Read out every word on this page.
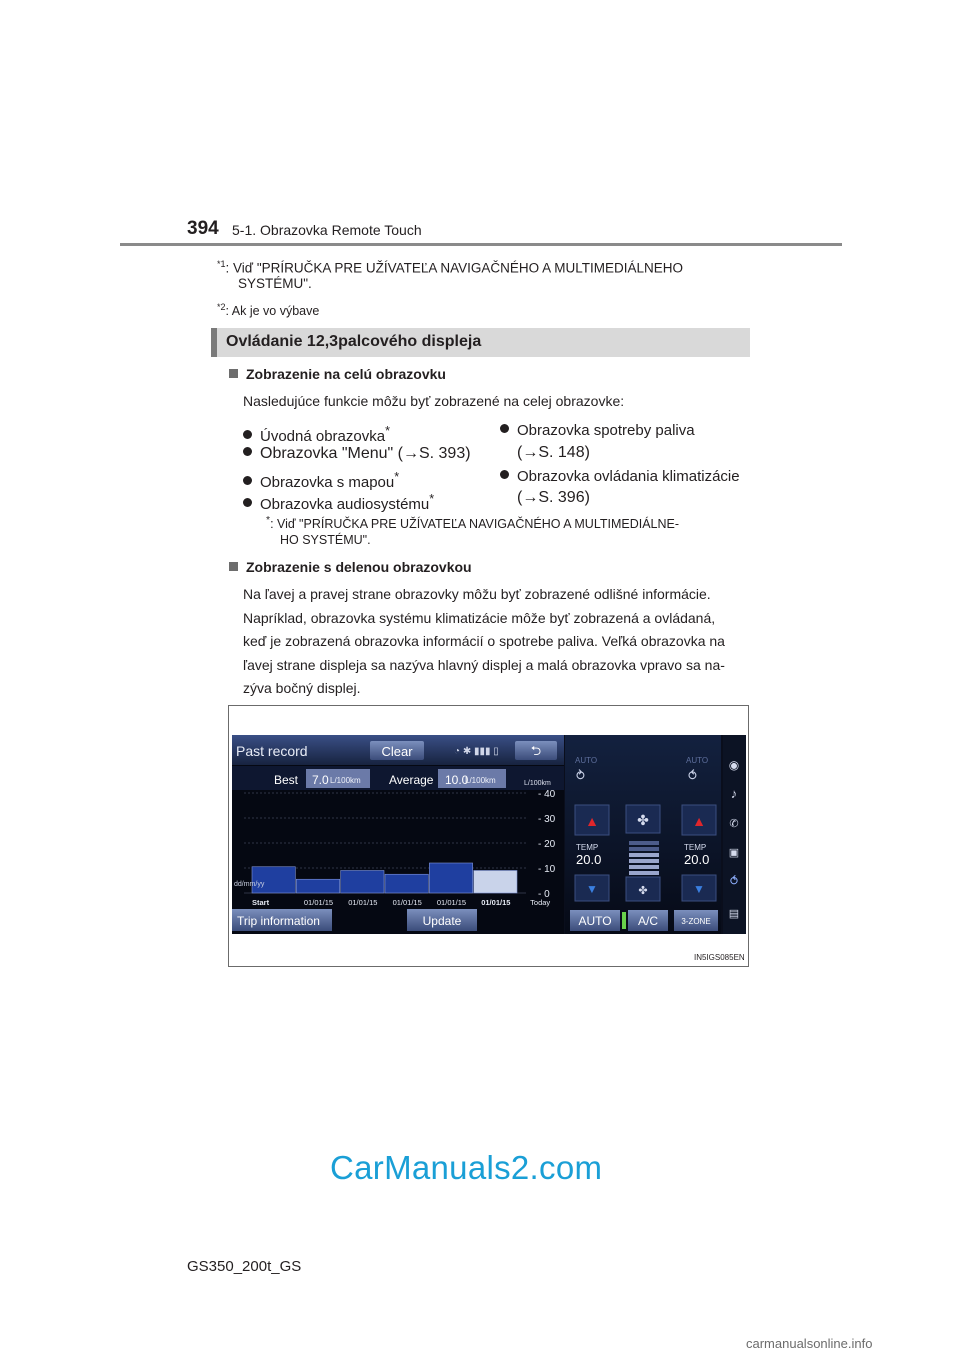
394 5-1. Obrazovka Remote Touch
$^{*1}$: Viď "PRÍRUČKA PRE UŽÍVATEĽA NAVIGAČNÉHO A MULTIMEDIÁLNEHO
SYSTÉMU".
$^{*2}$: Ak je vo výbave
Ovládanie 12,3palcového displeja
Zobrazenie na celú obrazovku
Nasledujúce funkcie môžu byť zobrazené na celej obrazovke:
Úvodná obrazovka*
Obrazovka "Menu" (→S. 393)
Obrazovka s mapou*
Obrazovka audiosystému*
Obrazovka spotreby paliva
(→S. 148)
Obrazovka ovládania klimatizácie
(→S. 396)
*: Viď "PRÍRUČKA PRE UŽÍVATEĽA NAVIGAČNÉHO A MULTIMEDIÁLNE-
HO SYSTÉMU".
Zobrazenie s delenou obrazovkou
Na ľavej a pravej strane obrazovky môžu byť zobrazené odlišné informácie.
Napríklad, obrazovka systému klimatizácie môže byť zobrazená a ovládaná,
keď je zobrazená obrazovka informácií o spotrebe paliva. Veľká obrazovka na
ľavej strane displeja sa nazýva hlavný displej a malá obrazovka vpravo sa na-
zýva bočný displej.
Past record	Clear	◔ ✱ ▮▮▮ ▯ ⮌
Best 7.0 L/100km Average 10.0
L/100km	L/100km
- 0
- 10
- 20
- 30
- 40
Start	01/01/15 01/01/15 01/01/15 01/01/15 01/01/15	Today
dd/mm/yy
Trip information	Update
AUTO	AUTO
⥁	⥀
▲	▲
✤
TEMP
20.0
TEMP
20.0
▼	▼
✤
AUTO A/C	3-ZONE
◉
♪
✆
▣
⥀
▤
IN5IGS085EN
GS350_200t_GS
CarManuals2.com
carmanualsonline.info
